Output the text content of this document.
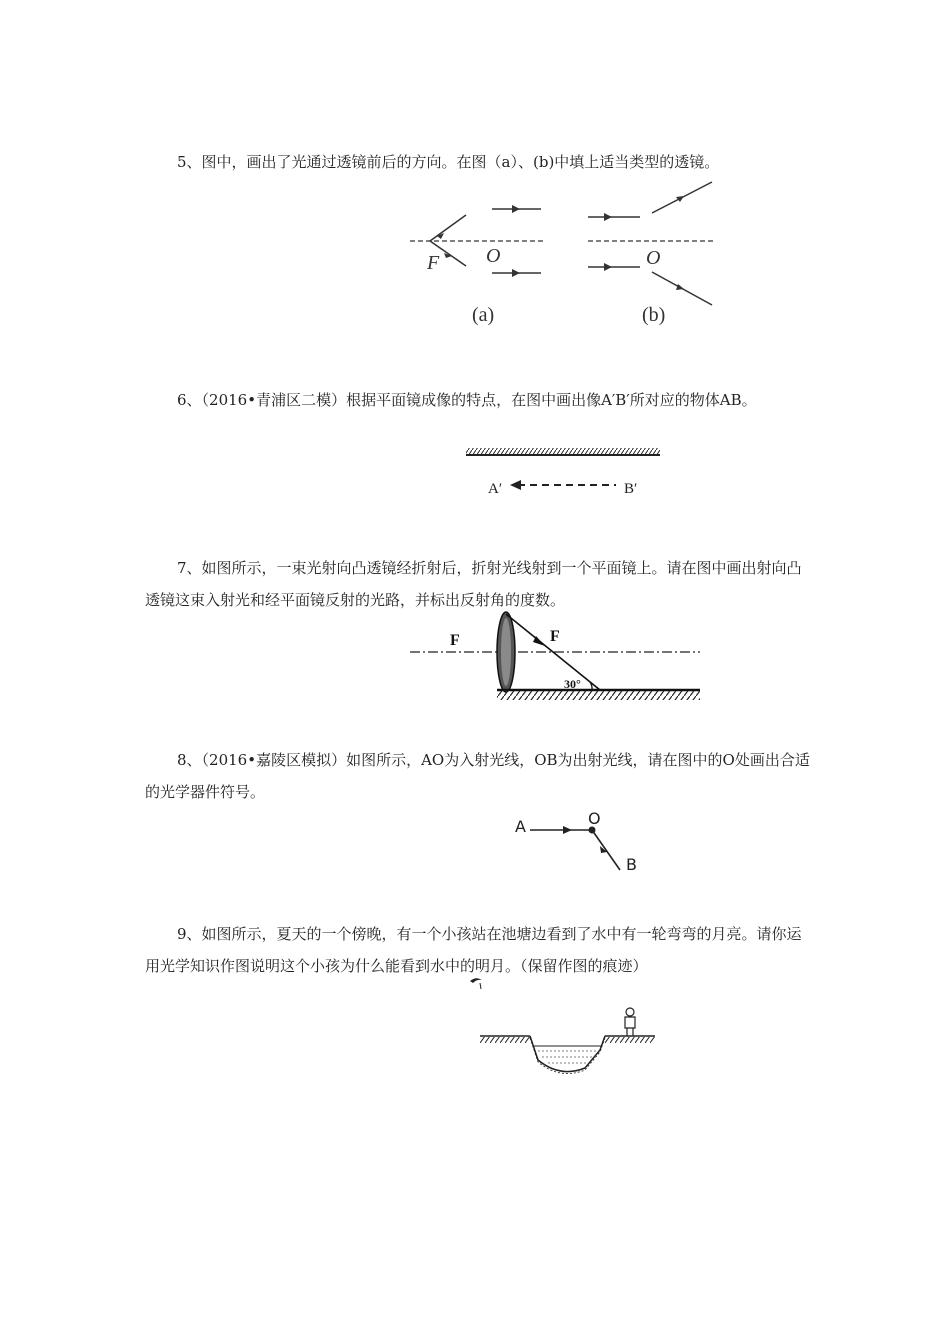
5、图中，画出了光通过透镜前后的方向。在图（a）、(b)中填上适当类型的透镜。

F O
(a)
O
(b)

6、（2016•青浦区二模）根据平面镜成像的特点，在图中画出像A′B′所对应的物体AB。

A′	B′

7、如图所示，一束光射向凸透镜经折射后，折射光线射到一个平面镜上。请在图中画出射向凸透镜这束入射光和经平面镜反射的光路，并标出反射角的度数。

F	F
30°

8、（2016•嘉陵区模拟）如图所示，AO为入射光线，OB为出射光线，请在图中的O处画出合适的光学器件符号。

A	O
B

9、如图所示，夏天的一个傍晚，有一个小孩站在池塘边看到了水中有一轮弯弯的月亮。请你运用光学知识作图说明这个小孩为什么能看到水中的明月。（保留作图的痕迹）
